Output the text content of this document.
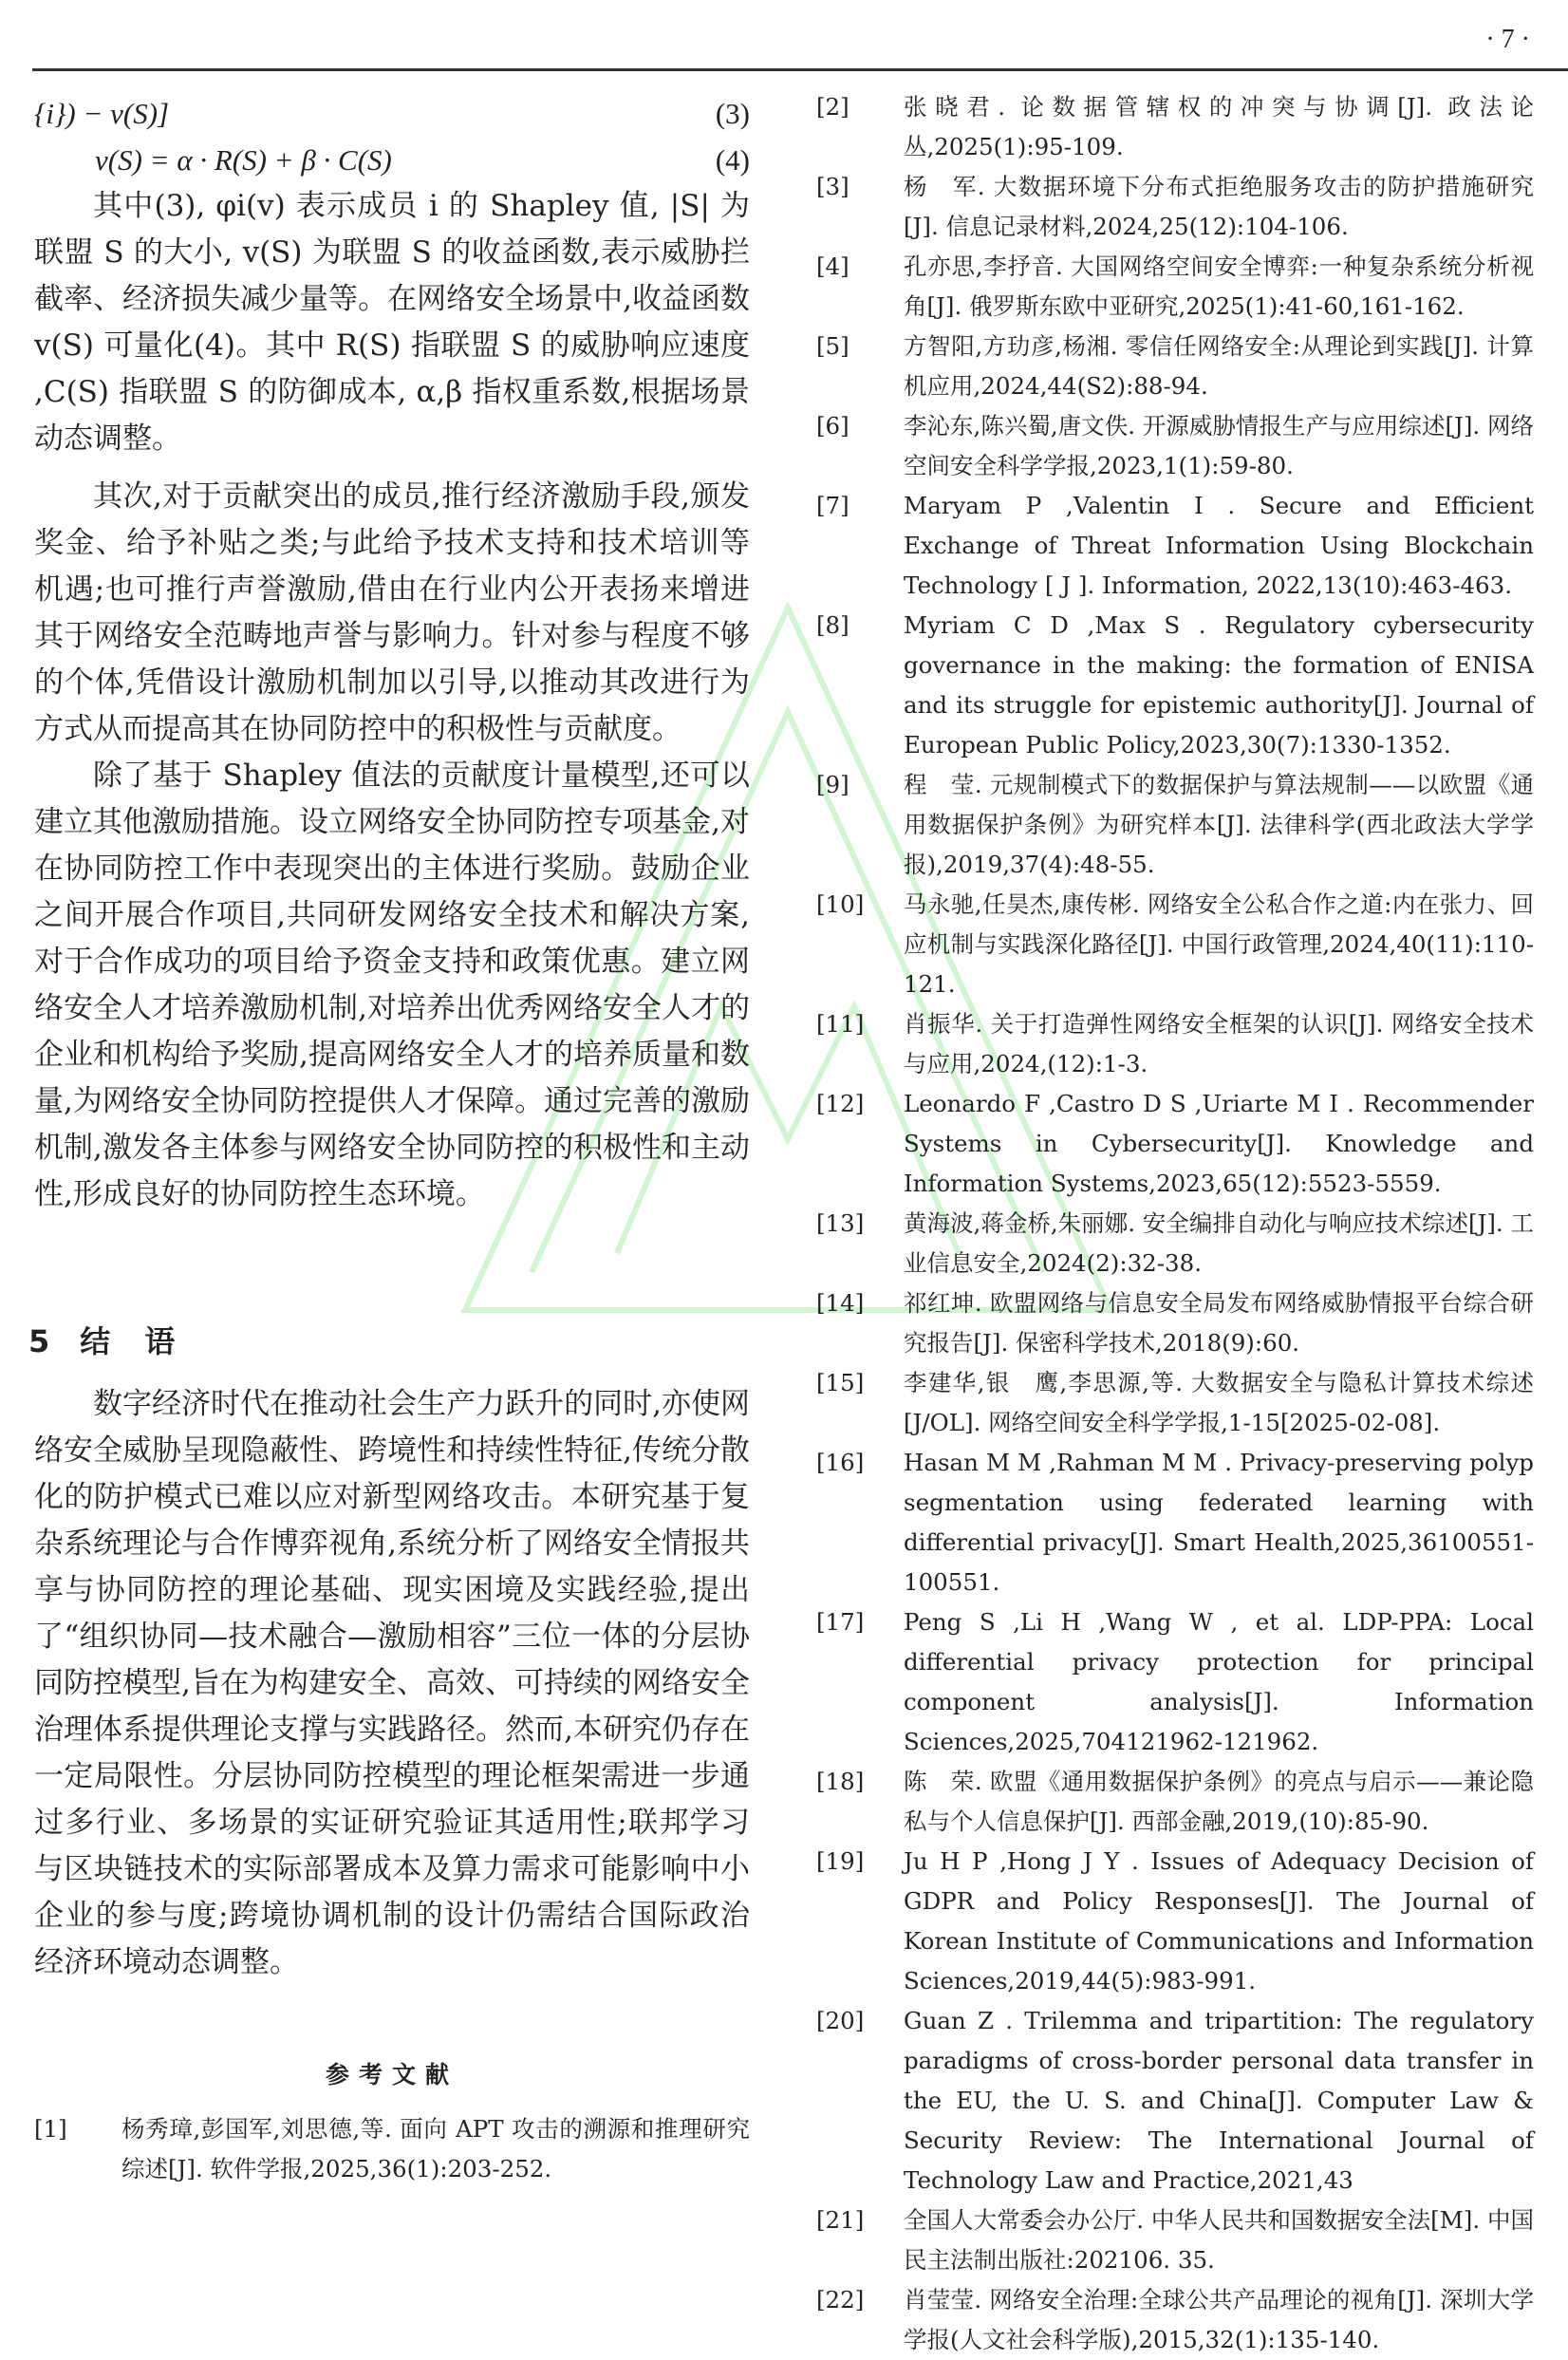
· 7 ·
{i}) − v(S)]	(3)
v(S) = α · R(S) + β · C(S)	(4)

其中(3), φi(v) 表示成员 i 的 Shapley 值, |S| 为联盟 S 的大小, v(S) 为联盟 S 的收益函数,表示威胁拦截率、经济损失减少量等。在网络安全场景中,收益函数 v(S) 可量化(4)。其中 R(S) 指联盟 S 的威胁响应速度 ,C(S) 指联盟 S 的防御成本, α,β 指权重系数,根据场景动态调整。

其次,对于贡献突出的成员,推行经济激励手段,颁发奖金、给予补贴之类;与此给予技术支持和技术培训等机遇;也可推行声誉激励,借由在行业内公开表扬来增进其于网络安全范畴地声誉与影响力。针对参与程度不够的个体,凭借设计激励机制加以引导,以推动其改进行为方式从而提高其在协同防控中的积极性与贡献度。

除了基于 Shapley 值法的贡献度计量模型,还可以建立其他激励措施。设立网络安全协同防控专项基金,对在协同防控工作中表现突出的主体进行奖励。鼓励企业之间开展合作项目,共同研发网络安全技术和解决方案,对于合作成功的项目给予资金支持和政策优惠。建立网络安全人才培养激励机制,对培养出优秀网络安全人才的企业和机构给予奖励,提高网络安全人才的培养质量和数量,为网络安全协同防控提供人才保障。通过完善的激励机制,激发各主体参与网络安全协同防控的积极性和主动性,形成良好的协同防控生态环境。

5 结　语

数字经济时代在推动社会生产力跃升的同时,亦使网络安全威胁呈现隐蔽性、跨境性和持续性特征,传统分散化的防护模式已难以应对新型网络攻击。本研究基于复杂系统理论与合作博弈视角,系统分析了网络安全情报共享与协同防控的理论基础、现实困境及实践经验,提出了“组织协同—技术融合—激励相容”三位一体的分层协同防控模型,旨在为构建安全、高效、可持续的网络安全治理体系提供理论支撑与实践路径。然而,本研究仍存在一定局限性。分层协同防控模型的理论框架需进一步通过多行业、多场景的实证研究验证其适用性;联邦学习与区块链技术的实际部署成本及算力需求可能影响中小企业的参与度;跨境协调机制的设计仍需结合国际政治经济环境动态调整。

参考文献
[1] 杨秀璋,彭国军,刘思德,等. 面向 APT 攻击的溯源和推理研究综述[J]. 软件学报,2025,36(1):203-252.
[2] 张晓君. 论数据管辖权的冲突与协调[J]. 政法论丛,2025(1):95-109.
[3] 杨　军. 大数据环境下分布式拒绝服务攻击的防护措施研究[J]. 信息记录材料,2024,25(12):104-106.
[4] 孔亦思,李抒音. 大国网络空间安全博弈:一种复杂系统分析视角[J]. 俄罗斯东欧中亚研究,2025(1):41-60,161-162.
[5] 方智阳,方玏彦,杨湘. 零信任网络安全:从理论到实践[J]. 计算机应用,2024,44(S2):88-94.
[6] 李沁东,陈兴蜀,唐文佚. 开源威胁情报生产与应用综述[J]. 网络空间安全科学学报,2023,1(1):59-80.
[7] Maryam P ,Valentin I . Secure and Efficient Exchange of Threat Information Using Blockchain Technology [ J ]. Information, 2022,13(10):463-463.
[8] Myriam C D ,Max S . Regulatory cybersecurity governance in the making: the formation of ENISA and its struggle for epistemic authority[J]. Journal of European Public Policy,2023,30(7):1330-1352.
[9] 程　莹. 元规制模式下的数据保护与算法规制——以欧盟《通用数据保护条例》为研究样本[J]. 法律科学(西北政法大学学报),2019,37(4):48-55.
[10] 马永驰,任昊杰,康传彬. 网络安全公私合作之道:内在张力、回应机制与实践深化路径[J]. 中国行政管理,2024,40(11):110-121.
[11] 肖振华. 关于打造弹性网络安全框架的认识[J]. 网络安全技术与应用,2024,(12):1-3.
[12] Leonardo F ,Castro D S ,Uriarte M I . Recommender Systems in Cybersecurity[J]. Knowledge and Information Systems,2023,65(12):5523-5559.
[13] 黄海波,蒋金桥,朱丽娜. 安全编排自动化与响应技术综述[J]. 工业信息安全,2024(2):32-38.
[14] 祁红坤. 欧盟网络与信息安全局发布网络威胁情报平台综合研究报告[J]. 保密科学技术,2018(9):60.
[15] 李建华,银　鹰,李思源,等. 大数据安全与隐私计算技术综述[J/OL]. 网络空间安全科学学报,1-15[2025-02-08].
[16] Hasan M M ,Rahman M M . Privacy-preserving polyp segmentation using federated learning with differential privacy[J]. Smart Health,2025,36100551-100551.
[17] Peng S ,Li H ,Wang W , et al. LDP-PPA: Local differential privacy protection for principal component analysis[J]. Information Sciences,2025,704121962-121962.
[18] 陈　荣. 欧盟《通用数据保护条例》的亮点与启示——兼论隐私与个人信息保护[J]. 西部金融,2019,(10):85-90.
[19] Ju H P ,Hong J Y . Issues of Adequacy Decision of GDPR and Policy Responses[J]. The Journal of Korean Institute of Communications and Information Sciences,2019,44(5):983-991.
[20] Guan Z . Trilemma and tripartition: The regulatory paradigms of cross-border personal data transfer in the EU, the U. S. and China[J]. Computer Law & Security Review: The International Journal of Technology Law and Practice,2021,43
[21] 全国人大常委会办公厅. 中华人民共和国数据安全法[M]. 中国民主法制出版社:202106. 35.
[22] 肖莹莹. 网络安全治理:全球公共产品理论的视角[J]. 深圳大学学报(人文社会科学版),2015,32(1):135-140.
